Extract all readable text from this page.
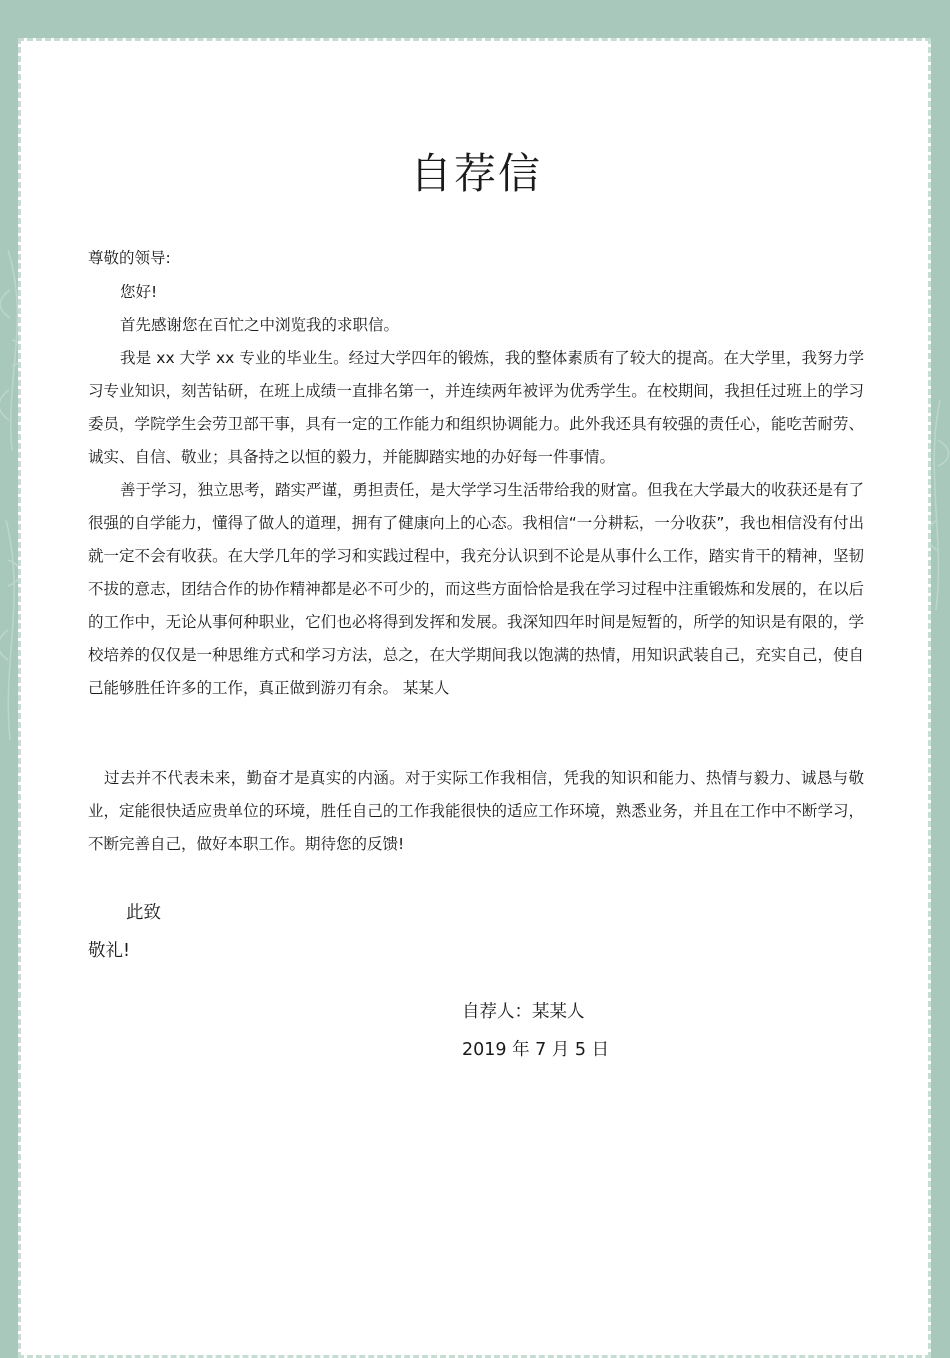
自荐信
尊敬的领导:

您好!

首先感谢您在百忙之中浏览我的求职信。

我是 xx 大学 xx 专业的毕业生。经过大学四年的锻炼，我的整体素质有了较大的提高。在大学里，我努力学习专业知识，刻苦钻研，在班上成绩一直排名第一，并连续两年被评为优秀学生。在校期间，我担任过班上的学习委员，学院学生会劳卫部干事，具有一定的工作能力和组织协调能力。此外我还具有较强的责任心，能吃苦耐劳、诚实、自信、敬业；具备持之以恒的毅力，并能脚踏实地的办好每一件事情。

善于学习，独立思考，踏实严谨，勇担责任，是大学学习生活带给我的财富。但我在大学最大的收获还是有了很强的自学能力，懂得了做人的道理，拥有了健康向上的心态。我相信“一分耕耘，一分收获”，我也相信没有付出就一定不会有收获。在大学几年的学习和实践过程中，我充分认识到不论是从事什么工作，踏实肯干的精神，坚韧不拔的意志，团结合作的协作精神都是必不可少的，而这些方面恰恰是我在学习过程中注重锻炼和发展的，在以后的工作中，无论从事何种职业，它们也必将得到发挥和发展。我深知四年时间是短暂的，所学的知识是有限的，学校培养的仅仅是一种思维方式和学习方法，总之，在大学期间我以饱满的热情，用知识武装自己，充实自己，使自己能够胜任许多的工作，真正做到游刃有余。 某某人

过去并不代表未来，勤奋才是真实的内涵。对于实际工作我相信，凭我的知识和能力、热情与毅力、诚恳与敬业，定能很快适应贵单位的环境，胜任自己的工作我能很快的适应工作环境，熟悉业务，并且在工作中不断学习，不断完善自己，做好本职工作。期待您的反馈!

此致
敬礼!
自荐人：某某人
2019 年 7 月 5 日
